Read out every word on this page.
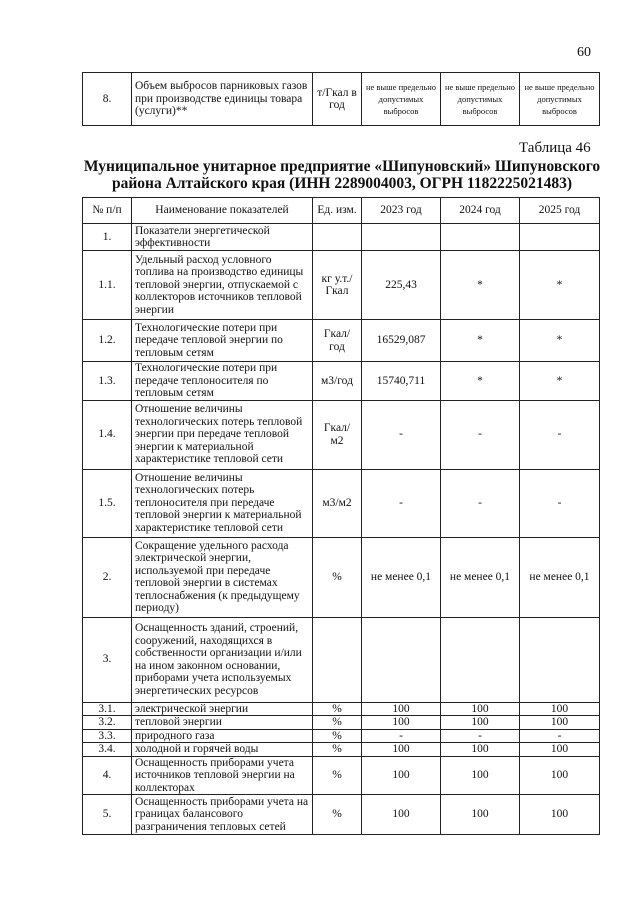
60
8.	Объем выбросов парниковых газов при производстве единицы товара (услуги)**	т/Гкал в год	не выше предельно допустимых выбросов	не выше предельно допустимых выбросов	не выше предельно допустимых выбросов
Таблица 46
Муниципальное унитарное предприятие «Шипуновский» Шипуновского района Алтайского края (ИНН 2289004003, ОГРН 1182225021483)
№ п/п	Наименование показателей	Ед. изм.	2023 год	2024 год	2025 год
1.	Показатели энергетической эффективности				
1.1.	Удельный расход условного топлива на производство единицы тепловой энергии, отпускаемой с коллекторов источников тепловой энергии	кг у.т./ Гкал	225,43	*	*
1.2.	Технологические потери при передаче тепловой энергии по тепловым сетям	Гкал/ год	16529,087	*	*
1.3.	Технологические потери при передаче теплоносителя по тепловым сетям	м3/год	15740,711	*	*
1.4.	Отношение величины технологических потерь тепловой энергии при передаче тепловой энергии к материальной характеристике тепловой сети	Гкал/ м2	-	-	-
1.5.	Отношение величины технологических потерь теплоносителя при передаче тепловой энергии к материальной характеристике тепловой сети	м3/м2	-	-	-
2.	Сокращение удельного расхода электрической энергии, используемой при передаче тепловой энергии в системах теплоснабжения (к предыдущему периоду)	%	не менее 0,1	не менее 0,1	не менее 0,1
3.	Оснащенность зданий, строений, сооружений, находящихся в собственности организации и/или на ином законном основании, приборами учета используемых энергетических ресурсов				
3.1.	электрической энергии	%	100	100	100
3.2.	тепловой энергии	%	100	100	100
3.3.	природного газа	%	-	-	-
3.4.	холодной и горячей воды	%	100	100	100
4.	Оснащенность приборами учета источников тепловой энергии на коллекторах	%	100	100	100
5.	Оснащенность приборами учета на границах балансового разграничения тепловых сетей	%	100	100	100
